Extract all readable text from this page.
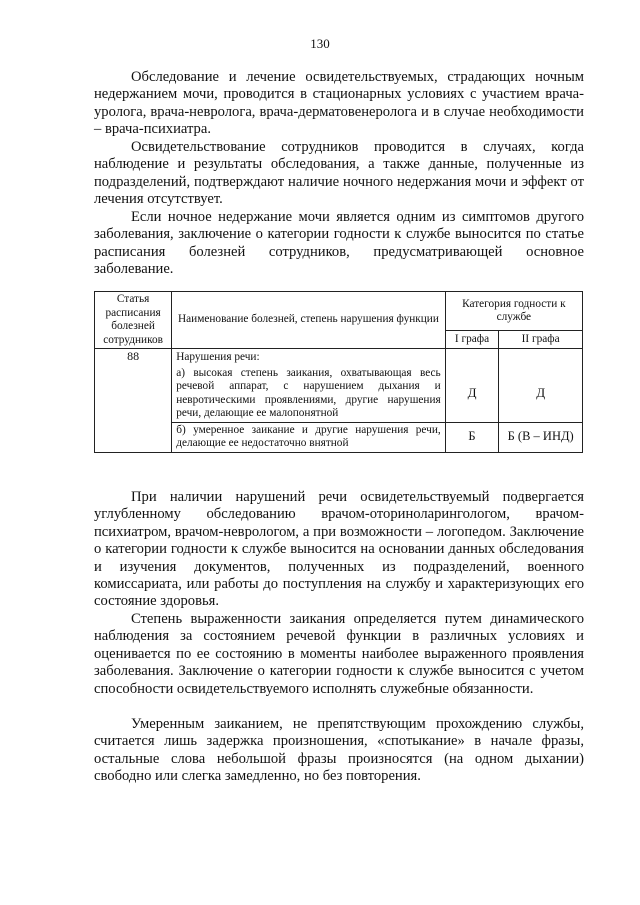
130

Обследование и лечение освидетельствуемых, страдающих ночным недержанием мочи, проводится в стационарных условиях с участием врача-уролога, врача-невролога, врача-дерматовенеролога и в случае необходимости – врача-психиатра.

Освидетельствование сотрудников проводится в случаях, когда наблюдение и результаты обследования, а также данные, полученные из подразделений, подтверждают наличие ночного недержания мочи и эффект от лечения отсутствует.

Если ночное недержание мочи является одним из симптомов другого заболевания, заключение о категории годности к службе выносится по статье расписания болезней сотрудников, предусматривающей основное заболевание.

Статья расписания болезней сотрудников	Наименование болезней, степень нарушения функции	Категория годности к службе	
		I графа	II графа
88	Нарушения речи:		
	а) высокая степень заикания, охватывающая весь речевой аппарат, с нарушением дыхания и невротическими проявлениями, другие нарушения речи, делающие ее малопонятной	Д	Д
	б) умеренное заикание и другие нарушения речи, делающие ее недостаточно внятной	Б	Б (В – ИНД)

При наличии нарушений речи освидетельствуемый подвергается углубленному обследованию врачом-оториноларингологом, врачом-психиатром, врачом-неврологом, а при возможности – логопедом. Заключение о категории годности к службе выносится на основании данных обследования и изучения документов, полученных из подразделений, военного комиссариата, или работы до поступления на службу и характеризующих его состояние здоровья.

Степень выраженности заикания определяется путем динамического наблюдения за состоянием речевой функции в различных условиях и оценивается по ее состоянию в моменты наиболее выраженного проявления заболевания. Заключение о категории годности к службе выносится с учетом способности освидетельствуемого исполнять служебные обязанности.

Умеренным заиканием, не препятствующим прохождению службы, считается лишь задержка произношения, «спотыкание» в начале фразы, остальные слова небольшой фразы произносятся (на одном дыхании) свободно или слегка замедленно, но без повторения.
